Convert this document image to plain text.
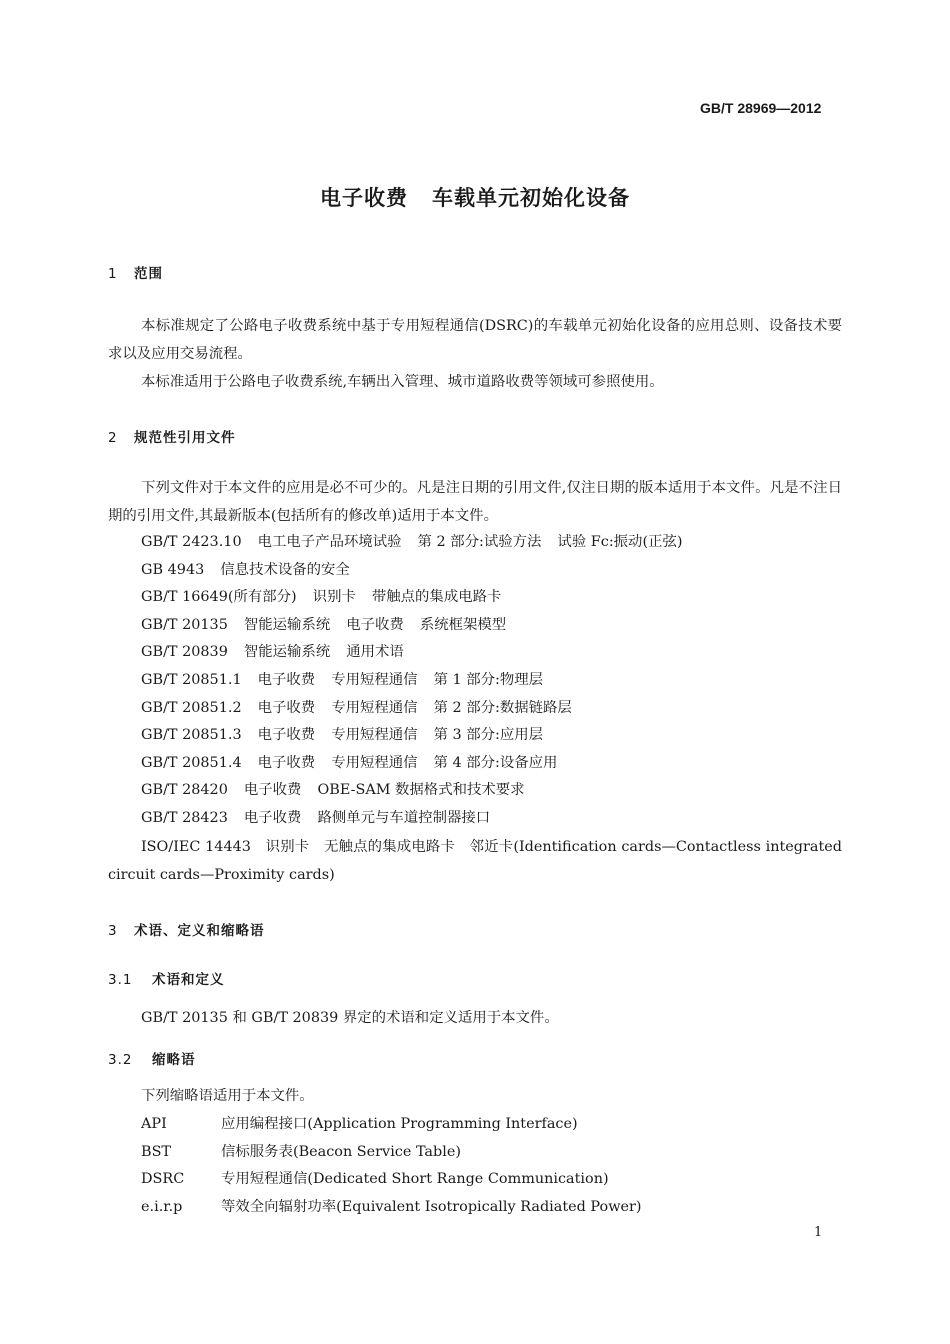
GB/T 28969—2012
电子收费 车载单元初始化设备
1 范围
本标准规定了公路电子收费系统中基于专用短程通信(DSRC)的车载单元初始化设备的应用总则、设备技术要求以及应用交易流程。
本标准适用于公路电子收费系统,车辆出入管理、城市道路收费等领域可参照使用。
2 规范性引用文件
下列文件对于本文件的应用是必不可少的。凡是注日期的引用文件,仅注日期的版本适用于本文件。凡是不注日期的引用文件,其最新版本(包括所有的修改单)适用于本文件。
GB/T 2423.10 电工电子产品环境试验 第 2 部分:试验方法 试验 Fc:振动(正弦)
GB 4943 信息技术设备的安全
GB/T 16649(所有部分) 识别卡 带触点的集成电路卡
GB/T 20135 智能运输系统 电子收费 系统框架模型
GB/T 20839 智能运输系统 通用术语
GB/T 20851.1 电子收费 专用短程通信 第 1 部分:物理层
GB/T 20851.2 电子收费 专用短程通信 第 2 部分:数据链路层
GB/T 20851.3 电子收费 专用短程通信 第 3 部分:应用层
GB/T 20851.4 电子收费 专用短程通信 第 4 部分:设备应用
GB/T 28420 电子收费 OBE-SAM 数据格式和技术要求
GB/T 28423 电子收费 路侧单元与车道控制器接口
ISO/IEC 14443　识别卡　无触点的集成电路卡　邻近卡(Identification cards—Contactless integrated circuit cards—Proximity cards)
3 术语、定义和缩略语
3.1 术语和定义
GB/T 20135 和 GB/T 20839 界定的术语和定义适用于本文件。
3.2 缩略语
下列缩略语适用于本文件。
API	应用编程接口(Application Programming Interface)
BST	信标服务表(Beacon Service Table)
DSRC	专用短程通信(Dedicated Short Range Communication)
e.i.r.p	等效全向辐射功率(Equivalent Isotropically Radiated Power)
1
